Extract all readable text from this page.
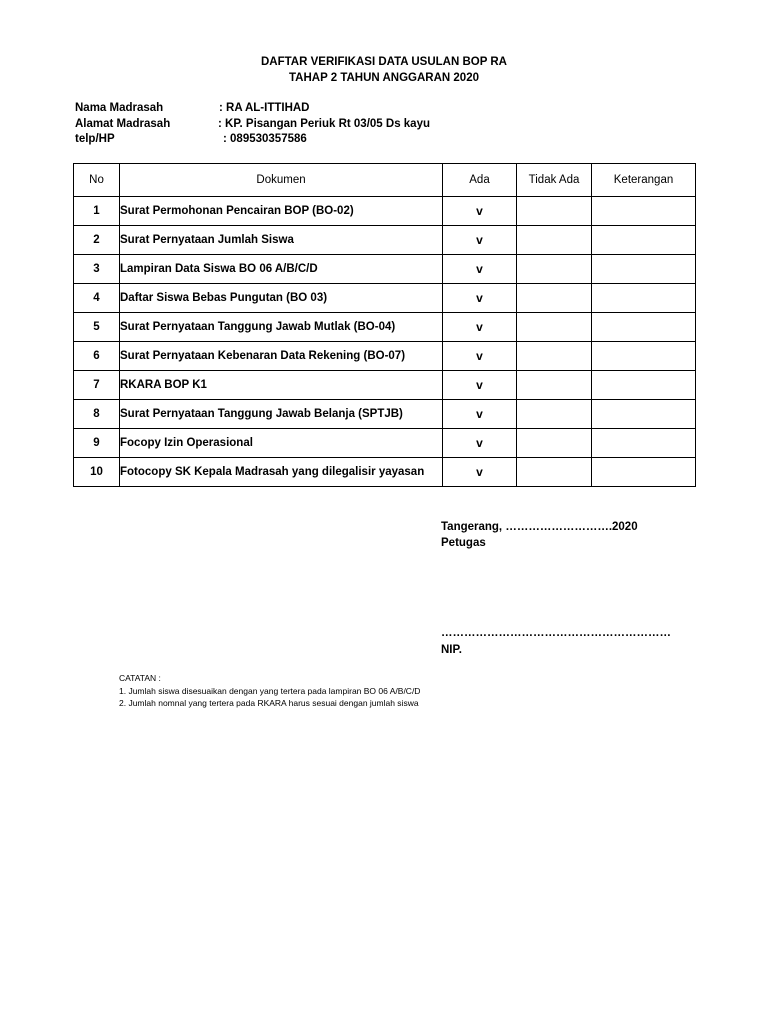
DAFTAR VERIFIKASI DATA USULAN BOP RA
TAHAP 2 TAHUN ANGGARAN 2020
Nama Madrasah	: RA AL-ITTIHAD
Alamat Madrasah	: KP. Pisangan Periuk Rt 03/05 Ds kayu
telp/HP	: 089530357586
No	Dokumen	Ada	Tidak Ada	Keterangan
1	Surat Permohonan Pencairan BOP (BO-02)	v		
2	Surat Pernyataan Jumlah Siswa	v		
3	Lampiran Data Siswa BO 06 A/B/C/D	v		
4	Daftar Siswa Bebas Pungutan (BO 03)	v		
5	Surat Pernyataan Tanggung Jawab Mutlak (BO-04)	v		
6	Surat Pernyataan Kebenaran Data Rekening (BO-07)	v		
7	RKARA BOP K1	v		
8	Surat Pernyataan Tanggung Jawab Belanja (SPTJB)	v		
9	Focopy Izin Operasional	v		
10	Fotocopy SK Kepala Madrasah yang dilegalisir yayasan	v		
Tangerang, ……………………….2020
Petugas
……………………………………………………
NIP.
CATATAN :
1. Jumlah siswa disesuaikan dengan yang tertera pada lampiran BO 06 A/B/C/D
2. Jumlah nomnal yang tertera pada RKARA harus sesuai dengan jumlah siswa
